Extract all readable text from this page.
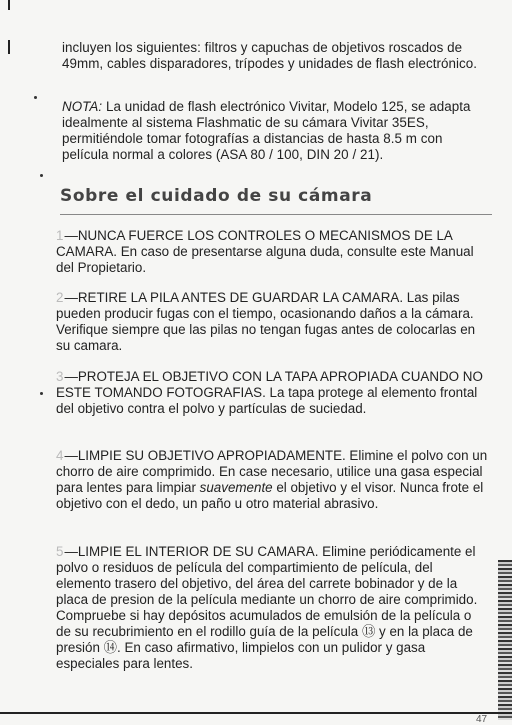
incluyen los siguientes: filtros y capuchas de objetivos roscados de 49mm, cables disparadores, trípodes y unidades de flash electrónico.

NOTA: La unidad de flash electrónico Vivitar, Modelo 125, se adapta idealmente al sistema Flashmatic de su cámara Vivitar 35ES, permitiéndole tomar fotografías a distancias de hasta 8.5 m con película normal a colores (ASA 80 / 100, DIN 20 / 21).

Sobre el cuidado de su cámara

1—NUNCA FUERCE LOS CONTROLES O MECANISMOS DE LA CAMARA. En caso de presentarse alguna duda, consulte este Manual del Propietario.

2—RETIRE LA PILA ANTES DE GUARDAR LA CAMARA. Las pilas pueden producir fugas con el tiempo, ocasionando daños a la cámara. Verifique siempre que las pilas no tengan fugas antes de colocarlas en su camara.

3—PROTEJA EL OBJETIVO CON LA TAPA APROPIADA CUANDO NO ESTE TOMANDO FOTOGRAFIAS. La tapa protege al elemento frontal del objetivo contra el polvo y partículas de suciedad.

4—LIMPIE SU OBJETIVO APROPIADAMENTE. Elimine el polvo con un chorro de aire comprimido. En case necesario, utilice una gasa especial para lentes para limpiar suavemente el objetivo y el visor. Nunca frote el objetivo con el dedo, un paño u otro material abrasivo.

5—LIMPIE EL INTERIOR DE SU CAMARA. Elimine periódicamente el polvo o residuos de película del compartimiento de película, del elemento trasero del objetivo, del área del carrete bobinador y de la placa de presion de la película mediante un chorro de aire comprimido. Compruebe si hay depósitos acumulados de emulsión de la película o de su recubrimiento en el rodillo guía de la película ⑬ y en la placa de presión ⑭. En caso afirmativo, limpielos con un pulidor y gasa especiales para lentes.

47
